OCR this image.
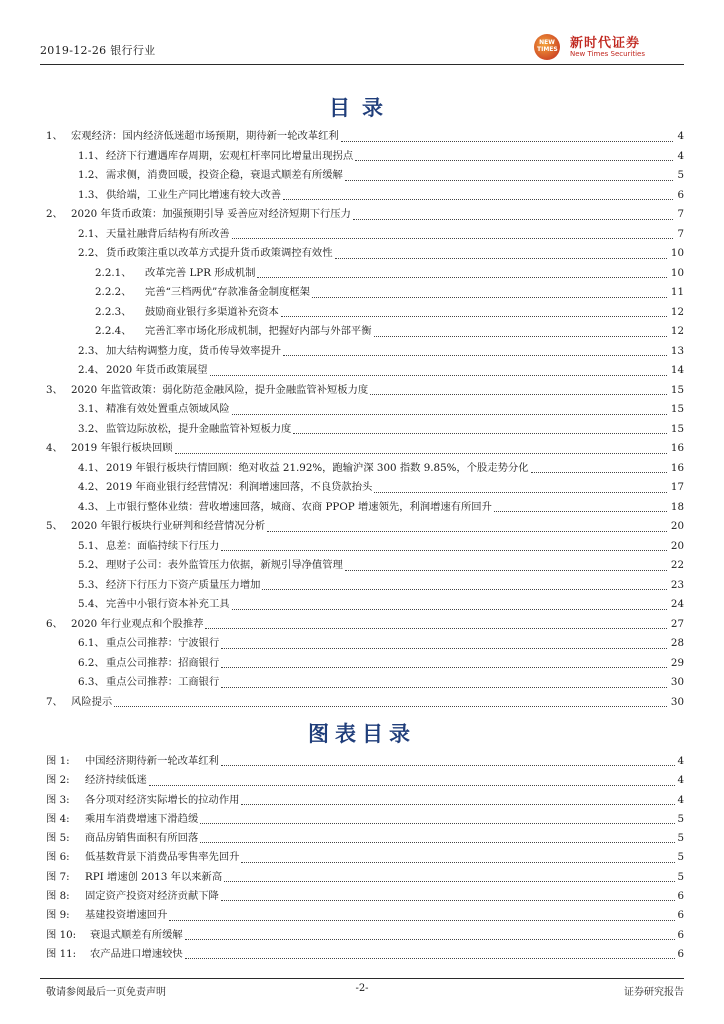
2019-12-26 银行行业
NEW TIMES 新时代证券
New Times Securities
目录
1、 宏观经济：国内经济低迷超市场预期，期待新一轮改革红利	4
1.1、 经济下行遭遇库存周期，宏观杠杆率同比增量出现拐点	4
1.2、 需求侧，消费回暖，投资企稳，衰退式顺差有所缓解	5
1.3、 供给端，工业生产同比增速有较大改善	6
2、 2020 年货币政策：加强预期引导 妥善应对经济短期下行压力	7
2.1、 天量社融背后结构有所改善	7
2.2、 货币政策注重以改革方式提升货币政策调控有效性	10
2.2.1、 改革完善 LPR 形成机制	10
2.2.2、 完善“三档两优”存款准备金制度框架	11
2.2.3、 鼓励商业银行多渠道补充资本	12
2.2.4、 完善汇率市场化形成机制，把握好内部与外部平衡	12
2.3、 加大结构调整力度，货币传导效率提升	13
2.4、 2020 年货币政策展望	14
3、 2020 年监管政策：弱化防范金融风险，提升金融监管补短板力度	15
3.1、 精准有效处置重点领域风险	15
3.2、 监管边际放松，提升金融监管补短板力度	15
4、 2019 年银行板块回顾	16
4.1、 2019 年银行板块行情回顾：绝对收益 21.92%，跑输沪深 300 指数 9.85%，个股走势分化	16
4.2、 2019 年商业银行经营情况：利润增速回落，不良贷款抬头	17
4.3、 上市银行整体业绩：营收增速回落，城商、农商 PPOP 增速领先，利润增速有所回升	18
5、 2020 年银行板块行业研判和经营情况分析	20
5.1、 息差：面临持续下行压力	20
5.2、 理财子公司：表外监管压力依据，新规引导净值管理	22
5.3、 经济下行压力下资产质量压力增加	23
5.4、 完善中小银行资本补充工具	24
6、 2020 年行业观点和个股推荐	27
6.1、 重点公司推荐：宁波银行	28
6.2、 重点公司推荐：招商银行	29
6.3、 重点公司推荐：工商银行	30
7、 风险提示	30
图表目录
图 1: 中国经济期待新一轮改革红利	4
图 2: 经济持续低迷	4
图 3: 各分项对经济实际增长的拉动作用	4
图 4: 乘用车消费增速下滑趋缓	5
图 5: 商品房销售面积有所回落	5
图 6: 低基数背景下消费品零售率先回升	5
图 7: RPI 增速创 2013 年以来新高	5
图 8: 固定资产投资对经济贡献下降	6
图 9: 基建投资增速回升	6
图 10: 衰退式顺差有所缓解	6
图 11: 农产品进口增速较快	6
敬请参阅最后一页免责声明	-2-	证券研究报告
